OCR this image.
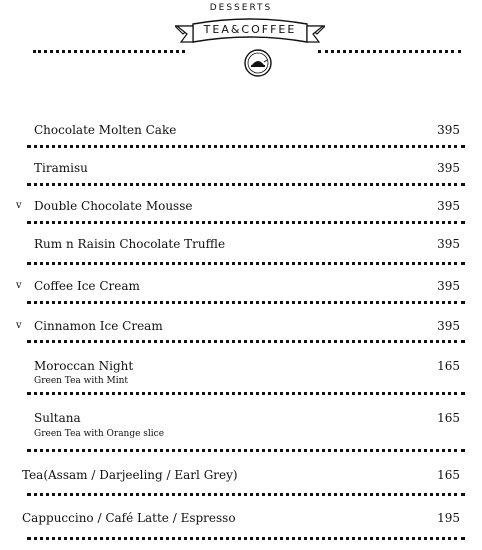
DESSERTS
TEA&COFFEE
Chocolate Molten Cake	395
Tiramisu	395
v Double Chocolate Mousse	395
Rum n Raisin Chocolate Truffle	395
v Coffee Ice Cream	395
v Cinnamon Ice Cream	395
Moroccan Night	165
Green Tea with Mint
Sultana	165
Green Tea with Orange slice
Tea(Assam / Darjeeling / Earl Grey)	165
Cappuccino / Café Latte / Espresso	195
